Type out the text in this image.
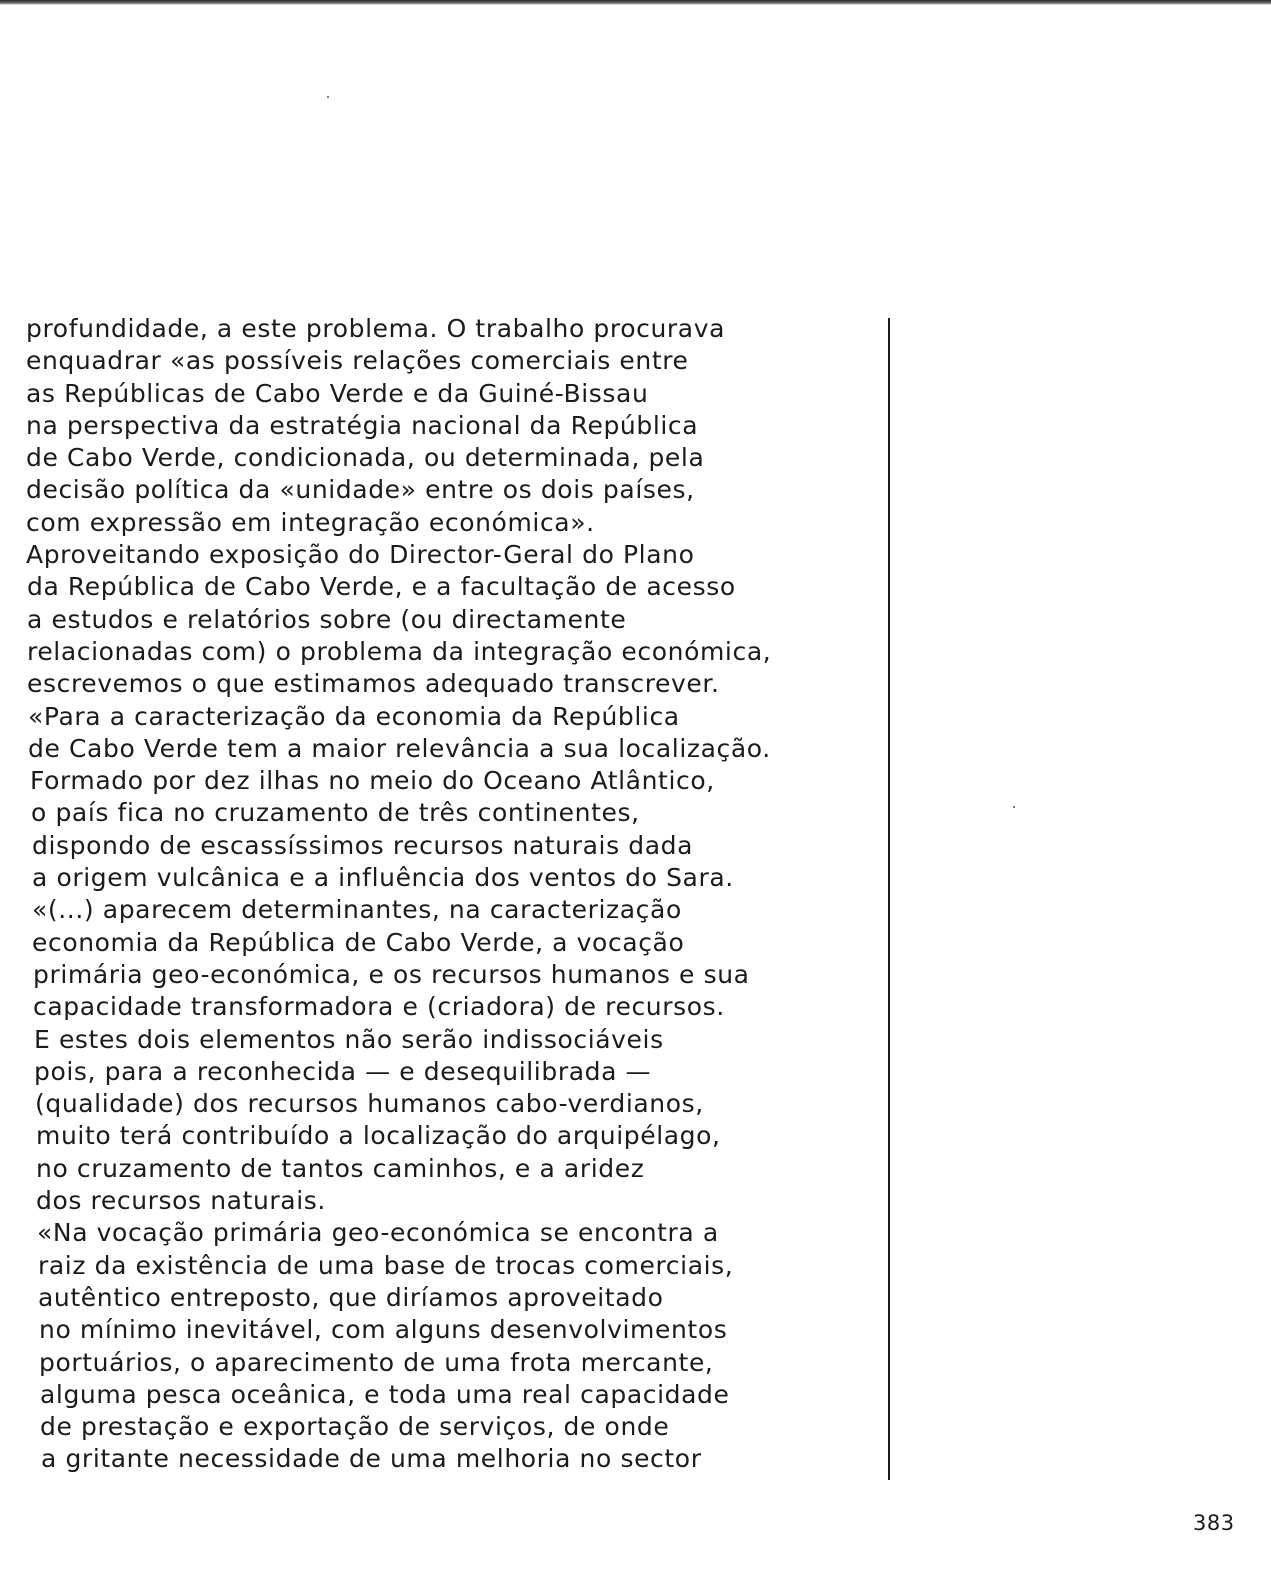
profundidade, a este problema. O trabalho procurava
enquadrar «as possíveis relações comerciais entre
as Repúblicas de Cabo Verde e da Guiné-Bissau
na perspectiva da estratégia nacional da República
de Cabo Verde, condicionada, ou determinada, pela
decisão política da «unidade» entre os dois países,
com expressão em integração económica».
Aproveitando exposição do Director-Geral do Plano
da República de Cabo Verde, e a facultação de acesso
a estudos e relatórios sobre (ou directamente
relacionadas com) o problema da integração económica,
escrevemos o que estimamos adequado transcrever.
«Para a caracterização da economia da República
de Cabo Verde tem a maior relevância a sua localização.
Formado por dez ilhas no meio do Oceano Atlântico,
o país fica no cruzamento de três continentes,
dispondo de escassíssimos recursos naturais dada
a origem vulcânica e a influência dos ventos do Sara.
«(...) aparecem determinantes, na caracterização
economia da República de Cabo Verde, a vocação
primária geo-económica, e os recursos humanos e sua
capacidade transformadora e (criadora) de recursos.
E estes dois elementos não serão indissociáveis
pois, para a reconhecida — e desequilibrada —
(qualidade) dos recursos humanos cabo-verdianos,
muito terá contribuído a localização do arquipélago,
no cruzamento de tantos caminhos, e a aridez
dos recursos naturais.
«Na vocação primária geo-económica se encontra a
raiz da existência de uma base de trocas comerciais,
autêntico entreposto, que diríamos aproveitado
no mínimo inevitável, com alguns desenvolvimentos
portuários, o aparecimento de uma frota mercante,
alguma pesca oceânica, e toda uma real capacidade
de prestação e exportação de serviços, de onde
a gritante necessidade de uma melhoria no sector
383
